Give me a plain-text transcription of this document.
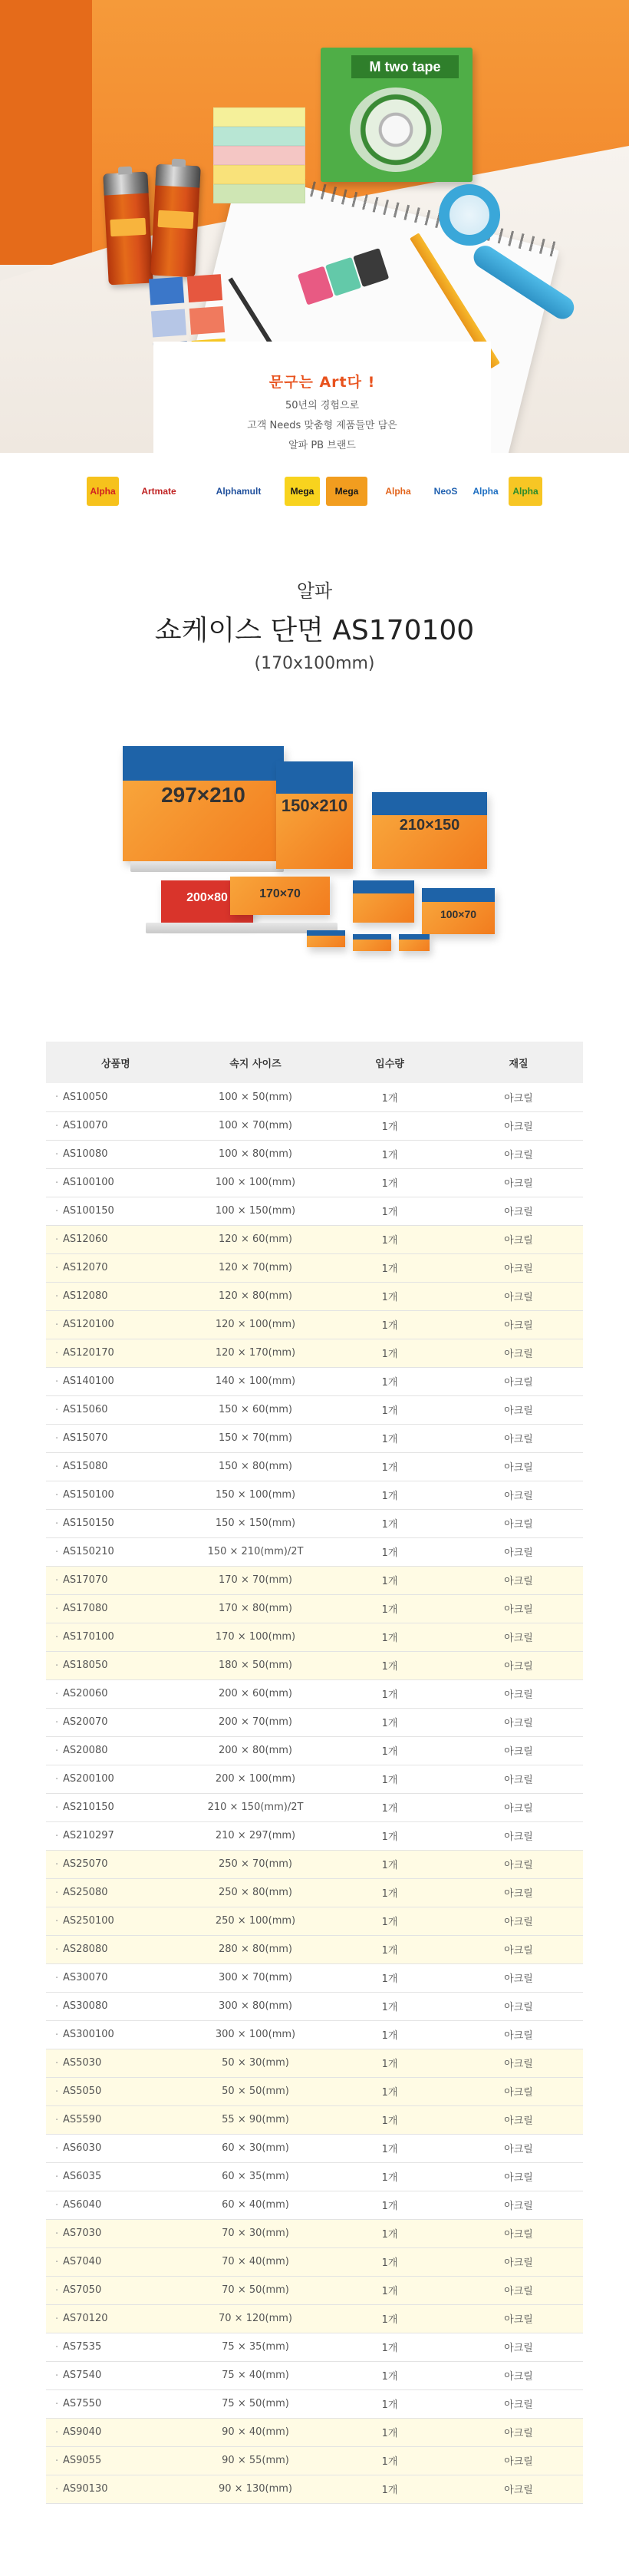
M two tape
문구는 Art다 !
50년의 경험으로
고객 Needs 맞춤형 제품들만 담은
알파 PB 브랜드
Alpha	Artmate	Alphamult	Mega	Mega	Alpha	NeoS	Alpha	Alpha
알파
쇼케이스 단면 AS170100
(170x100mm)
297×210	150×210
210×150
200×80	170×70
100×70
상품명	속지 사이즈	입수량	재질
· AS10050	100 × 50(mm)	1개	아크릴
· AS10070	100 × 70(mm)	1개	아크릴
· AS10080	100 × 80(mm)	1개	아크릴
· AS100100	100 × 100(mm)	1개	아크릴
· AS100150	100 × 150(mm)	1개	아크릴
· AS12060	120 × 60(mm)	1개	아크릴
· AS12070	120 × 70(mm)	1개	아크릴
· AS12080	120 × 80(mm)	1개	아크릴
· AS120100	120 × 100(mm)	1개	아크릴
· AS120170	120 × 170(mm)	1개	아크릴
· AS140100	140 × 100(mm)	1개	아크릴
· AS15060	150 × 60(mm)	1개	아크릴
· AS15070	150 × 70(mm)	1개	아크릴
· AS15080	150 × 80(mm)	1개	아크릴
· AS150100	150 × 100(mm)	1개	아크릴
· AS150150	150 × 150(mm)	1개	아크릴
· AS150210	150 × 210(mm)/2T	1개	아크릴
· AS17070	170 × 70(mm)	1개	아크릴
· AS17080	170 × 80(mm)	1개	아크릴
· AS170100	170 × 100(mm)	1개	아크릴
· AS18050	180 × 50(mm)	1개	아크릴
· AS20060	200 × 60(mm)	1개	아크릴
· AS20070	200 × 70(mm)	1개	아크릴
· AS20080	200 × 80(mm)	1개	아크릴
· AS200100	200 × 100(mm)	1개	아크릴
· AS210150	210 × 150(mm)/2T	1개	아크릴
· AS210297	210 × 297(mm)	1개	아크릴
· AS25070	250 × 70(mm)	1개	아크릴
· AS25080	250 × 80(mm)	1개	아크릴
· AS250100	250 × 100(mm)	1개	아크릴
· AS28080	280 × 80(mm)	1개	아크릴
· AS30070	300 × 70(mm)	1개	아크릴
· AS30080	300 × 80(mm)	1개	아크릴
· AS300100	300 × 100(mm)	1개	아크릴
· AS5030	50 × 30(mm)	1개	아크릴
· AS5050	50 × 50(mm)	1개	아크릴
· AS5590	55 × 90(mm)	1개	아크릴
· AS6030	60 × 30(mm)	1개	아크릴
· AS6035	60 × 35(mm)	1개	아크릴
· AS6040	60 × 40(mm)	1개	아크릴
· AS7030	70 × 30(mm)	1개	아크릴
· AS7040	70 × 40(mm)	1개	아크릴
· AS7050	70 × 50(mm)	1개	아크릴
· AS70120	70 × 120(mm)	1개	아크릴
· AS7535	75 × 35(mm)	1개	아크릴
· AS7540	75 × 40(mm)	1개	아크릴
· AS7550	75 × 50(mm)	1개	아크릴
· AS9040	90 × 40(mm)	1개	아크릴
· AS9055	90 × 55(mm)	1개	아크릴
· AS90130	90 × 130(mm)	1개	아크릴
